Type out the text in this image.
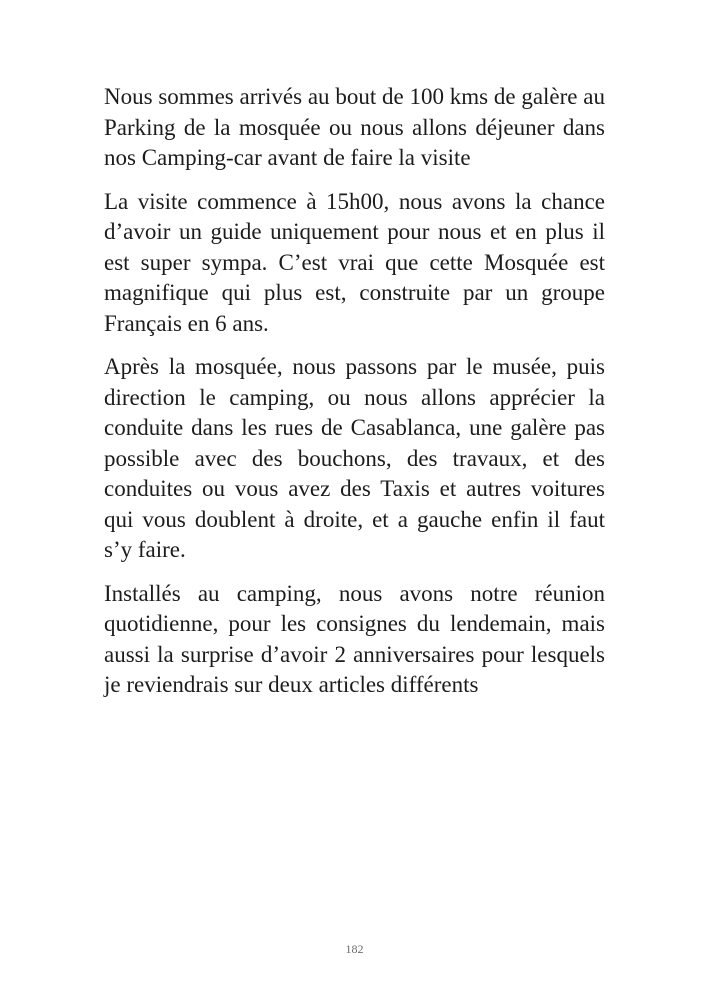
Nous sommes arrivés au bout de 100 kms de galère au Parking de la mosquée ou nous allons déjeuner dans nos Camping-car avant de faire la visite

La visite commence à 15h00, nous avons la chance d’avoir un guide uniquement pour nous et en plus il est super sympa. C’est vrai que cette Mosquée est magnifique qui plus est, construite par un groupe Français en 6 ans.

Après la mosquée, nous passons par le musée, puis direction le camping, ou nous allons apprécier la conduite dans les rues de Casablanca, une galère pas possible avec des bouchons, des travaux, et des conduites ou vous avez des Taxis et autres voitures qui vous doublent à droite, et a gauche enfin il faut s’y faire.

Installés au camping, nous avons notre réunion quotidienne, pour les consignes du lendemain, mais aussi la surprise d’avoir 2 anniversaires pour lesquels je reviendrais sur deux articles différents

182
